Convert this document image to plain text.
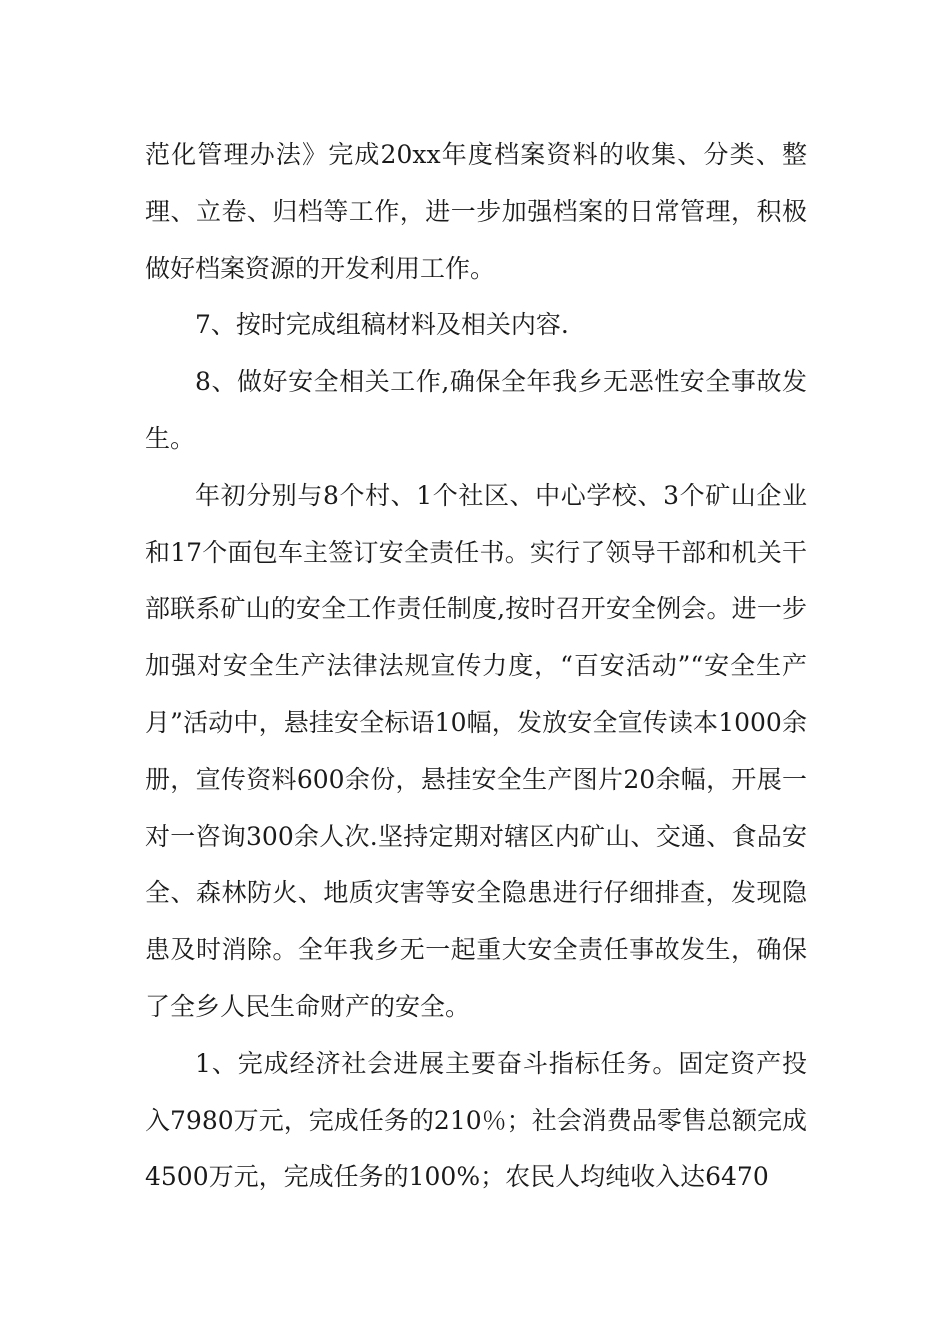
范化管理办法》完成20xx年度档案资料的收集、分类、整理、立卷、归档等工作，进一步加强档案的日常管理，积极做好档案资源的开发利用工作。

7、按时完成组稿材料及相关内容.

8、做好安全相关工作,确保全年我乡无恶性安全事故发生。

年初分别与8个村、1个社区、中心学校、3个矿山企业和17个面包车主签订安全责任书。实行了领导干部和机关干部联系矿山的安全工作责任制度,按时召开安全例会。进一步加强对安全生产法律法规宣传力度，“百安活动”“安全生产月”活动中，悬挂安全标语10幅，发放安全宣传读本1000余册，宣传资料600余份，悬挂安全生产图片20余幅，开展一对一咨询300余人次.坚持定期对辖区内矿山、交通、食品安全、森林防火、地质灾害等安全隐患进行仔细排查，发现隐患及时消除。全年我乡无一起重大安全责任事故发生，确保了全乡人民生命财产的安全。

1、完成经济社会进展主要奋斗指标任务。固定资产投入7980万元，完成任务的210％；社会消费品零售总额完成4500万元，完成任务的100%；农民人均纯收入达6470
